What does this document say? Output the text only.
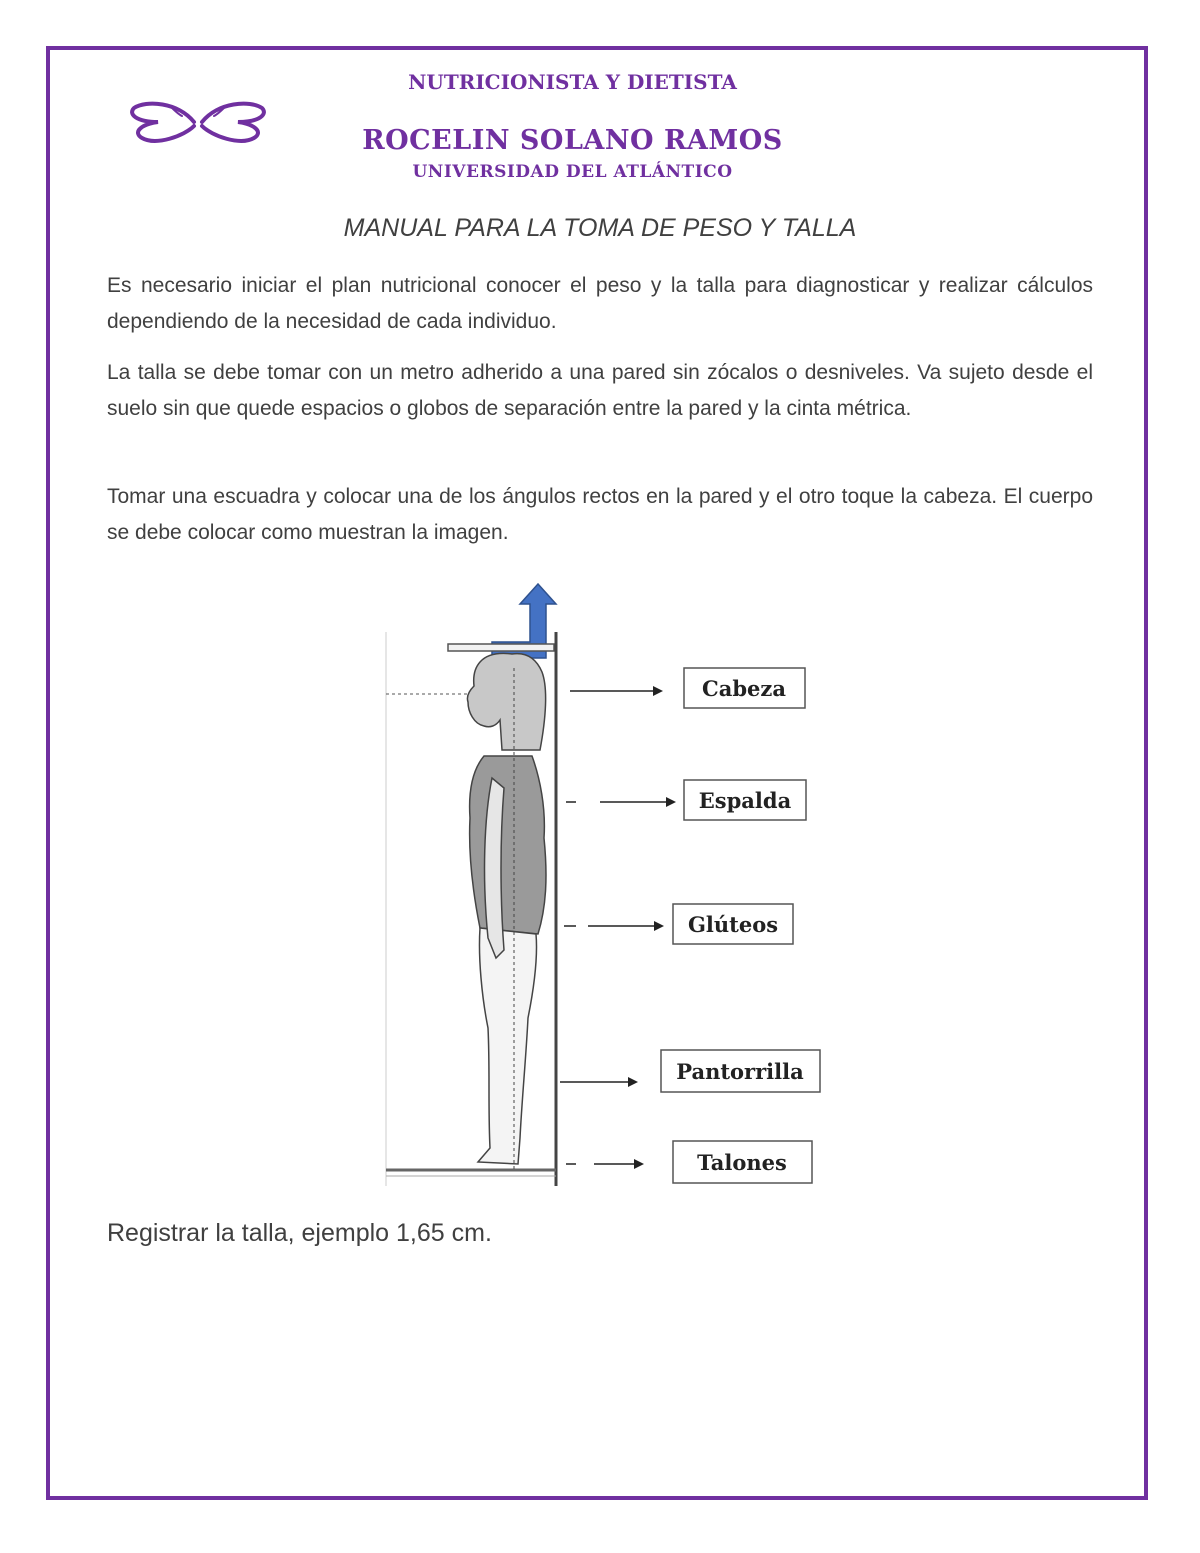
NUTRICIONISTA Y DIETISTA
ROCELIN SOLANO RAMOS
UNIVERSIDAD DEL ATLÁNTICO
MANUAL PARA LA TOMA DE PESO Y TALLA

Es necesario iniciar el plan nutricional conocer el peso y la talla para diagnosticar y realizar cálculos dependiendo de la necesidad de cada individuo.

La talla se debe tomar con un metro adherido a una pared sin zócalos o desniveles. Va sujeto desde el suelo sin que quede espacios o globos de separación entre la pared y la cinta métrica.

Tomar una escuadra y colocar una de los ángulos rectos en la pared y el otro toque la cabeza. El cuerpo se debe colocar como muestran la imagen.

Cabeza
Espalda
Glúteos
Pantorrilla
Talones

Registrar la talla, ejemplo 1,65 cm.
